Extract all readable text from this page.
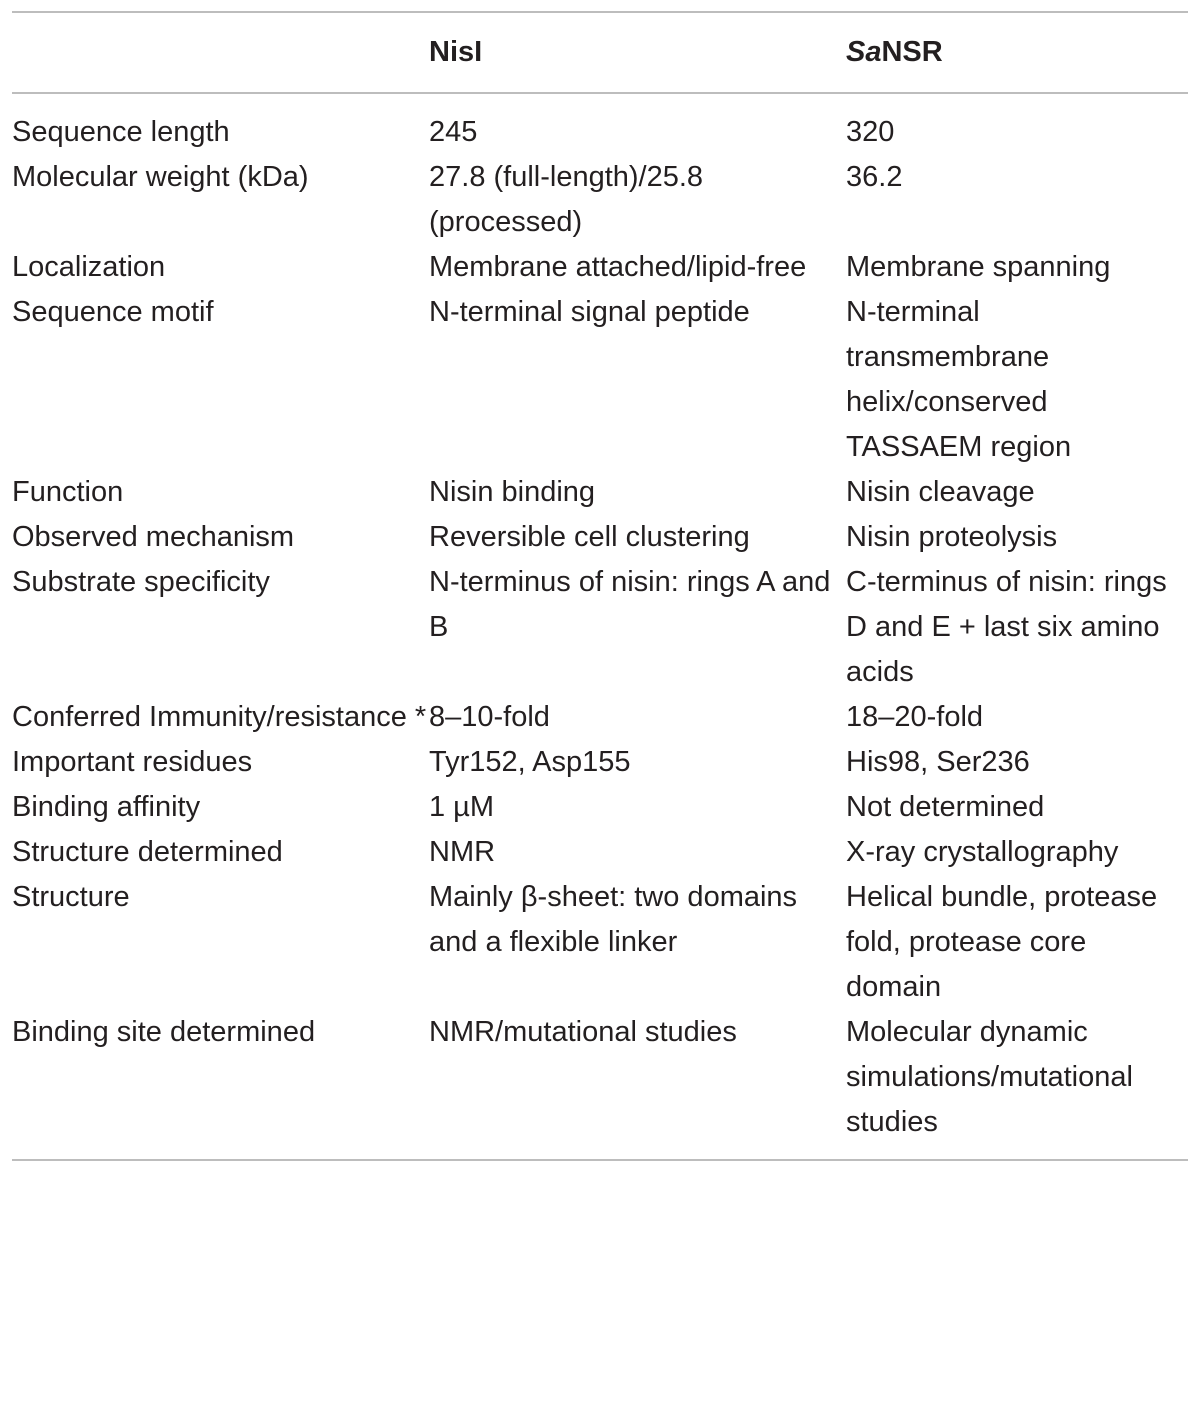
	NisI	SaNSR
Sequence length	245	320
Molecular weight (kDa)	27.8 (full-length)/25.8 (processed)	36.2
Localization	Membrane attached/lipid-free	Membrane spanning
Sequence motif	N-terminal signal peptide	N-terminal transmembrane helix/conserved TASSAEM region
Function	Nisin binding	Nisin cleavage
Observed mechanism	Reversible cell clustering	Nisin proteolysis
Substrate specificity	N-terminus of nisin: rings A and B	C-terminus of nisin: rings D and E + last six amino acids
Conferred Immunity/resistance *	8–10-fold	18–20-fold
Important residues	Tyr152, Asp155	His98, Ser236
Binding affinity	1 µM	Not determined
Structure determined	NMR	X-ray crystallography
Structure	Mainly β-sheet: two domains and a flexible linker	Helical bundle, protease fold, protease core domain
Binding site determined	NMR/mutational studies	Molecular dynamic simulations/mutational studies
